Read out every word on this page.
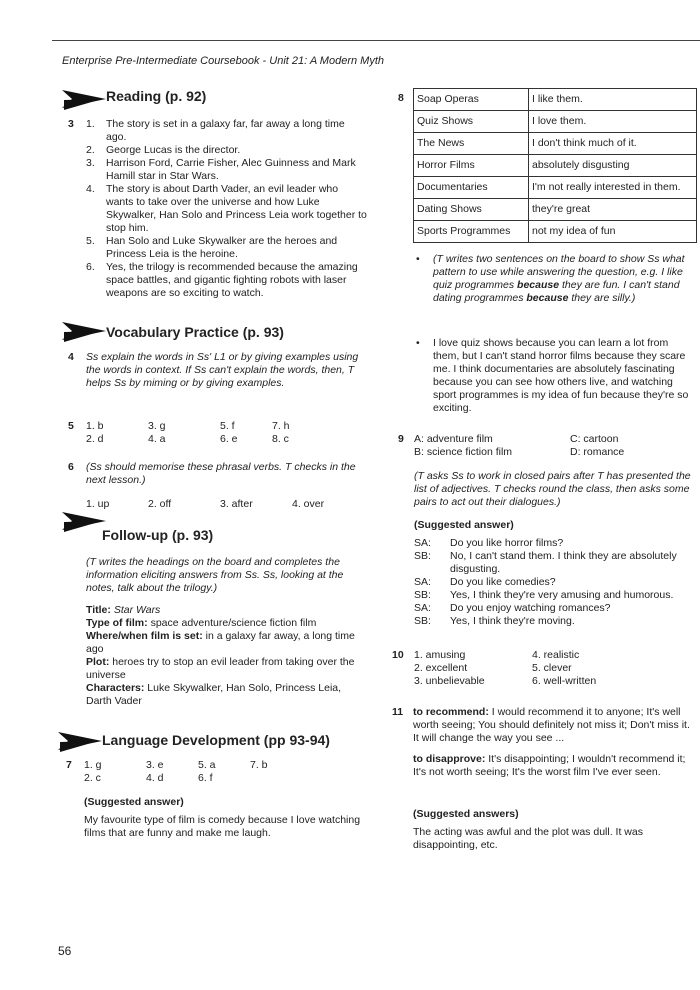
Enterprise Pre-Intermediate Coursebook - Unit 21: A Modern Myth
Reading (p. 92)
3 1.	The story is set in a galaxy far, far away a long time ago.
2.	George Lucas is the director.
3.	Harrison Ford, Carrie Fisher, Alec Guinness and Mark Hamill star in Star Wars.
4.	The story is about Darth Vader, an evil leader who wants to take over the universe and how Luke Skywalker, Han Solo and Princess Leia work together to stop him.
5.	Han Solo and Luke Skywalker are the heroes and Princess Leia is the heroine.
6.	Yes, the trilogy is recommended because the amazing space battles, and gigantic fighting robots with laser weapons are so exciting to watch.
Vocabulary Practice (p. 93)
4 Ss explain the words in Ss' L1 or by giving examples using the words in context. If Ss can't explain the words, then, T helps Ss by miming or by giving examples.
5 1. b	3. g	5. f	7. h
2. d	4. a	6. e	8. c
6 (Ss should memorise these phrasal verbs. T checks in the next lesson.)
1. up	2. off	3. after	4. over
Follow-up (p. 93)
(T writes the headings on the board and completes the information eliciting answers from Ss. Ss, looking at the notes, talk about the trilogy.)
Title: Star Wars
Type of film: space adventure/science fiction film
Where/when film is set: in a galaxy far away, a long time ago
Plot: heroes try to stop an evil leader from taking over the universe
Characters: Luke Skywalker, Han Solo, Princess Leia, Darth Vader
Language Development (pp 93-94)
7 1. g	3. e	5. a	7. b
2. c	4. d	6. f
(Suggested answer)
My favourite type of film is comedy because I love watching films that are funny and make me laugh.
8 Soap Operas	I like them.
Quiz Shows	I love them.
The News	I don't think much of it.
Horror Films	absolutely disgusting
Documentaries	I'm not really interested in them.
Dating Shows	they're great
Sports Programmes	not my idea of fun
• (T writes two sentences on the board to show Ss what pattern to use while answering the question, e.g. I like quiz programmes because they are fun. I can't stand dating programmes because they are silly.)
• I love quiz shows because you can learn a lot from them, but I can't stand horror films because they scare me. I think documentaries are absolutely fascinating because you can see how others live, and watching sport programmes is my idea of fun because they're so exciting.
9 A: adventure film	C: cartoon
B: science fiction film	D: romance
(T asks Ss to work in closed pairs after T has presented the list of adjectives. T checks round the class, then asks some pairs to act out their dialogues.)
(Suggested answer)
SA:	Do you like horror films?
SB:	No, I can't stand them. I think they are absolutely disgusting.
SA:	Do you like comedies?
SB:	Yes, I think they're very amusing and humorous.
SA:	Do you enjoy watching romances?
SB:	Yes, I think they're moving.
10 1. amusing	4. realistic
2. excellent	5. clever
3. unbelievable	6. well-written
11 to recommend: I would recommend it to anyone; It's well worth seeing; You should definitely not miss it; Don't miss it. It will change the way you see ...
to disapprove: It's disappointing; I wouldn't recommend it; It's not worth seeing; It's the worst film I've ever seen.
(Suggested answers)
The acting was awful and the plot was dull. It was disappointing, etc.
56
